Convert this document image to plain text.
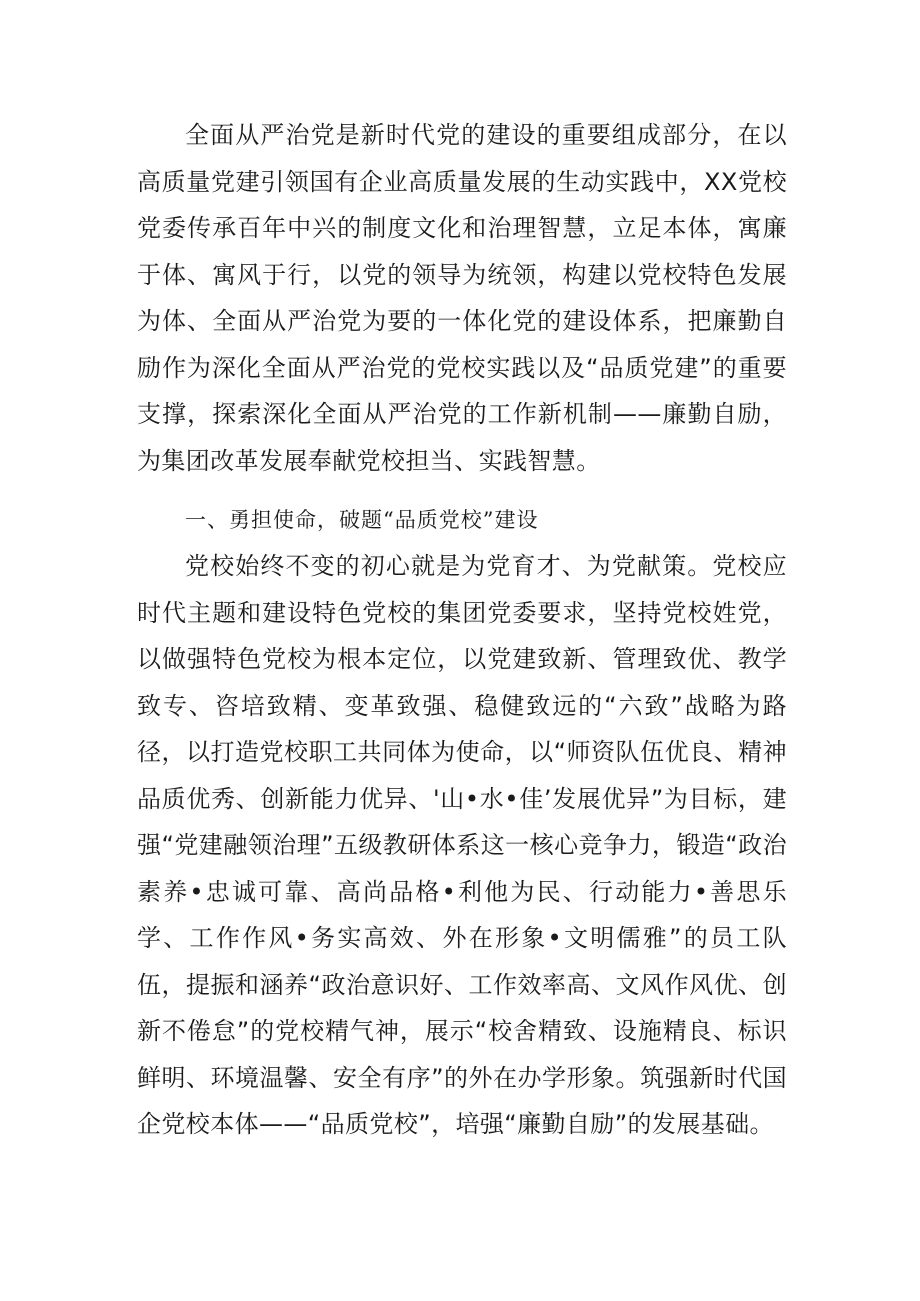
全面从严治党是新时代党的建设的重要组成部分，在以高质量党建引领国有企业高质量发展的生动实践中，XX党校党委传承百年中兴的制度文化和治理智慧，立足本体，寓廉于体、寓风于行，以党的领导为统领，构建以党校特色发展为体、全面从严治党为要的一体化党的建设体系，把廉勤自励作为深化全面从严治党的党校实践以及“品质党建”的重要支撑，探索深化全面从严治党的工作新机制——廉勤自励，为集团改革发展奉献党校担当、实践智慧。

一、勇担使命，破题“品质党校”建设

党校始终不变的初心就是为党育才、为党献策。党校应时代主题和建设特色党校的集团党委要求，坚持党校姓党，以做强特色党校为根本定位，以党建致新、管理致优、教学致专、咨培致精、变革致强、稳健致远的“六致”战略为路径，以打造党校职工共同体为使命，以“师资队伍优良、精神品质优秀、创新能力优异、'山•水•佳’发展优异”为目标，建强“党建融领治理”五级教研体系这一核心竞争力，锻造“政治素养•忠诚可靠、高尚品格•利他为民、行动能力•善思乐学、工作作风•务实高效、外在形象•文明儒雅”的员工队伍，提振和涵养“政治意识好、工作效率高、文风作风优、创新不倦怠”的党校精气神，展示“校舍精致、设施精良、标识鲜明、环境温馨、安全有序”的外在办学形象。筑强新时代国企党校本体——“品质党校”，培强“廉勤自励”的发展基础。
